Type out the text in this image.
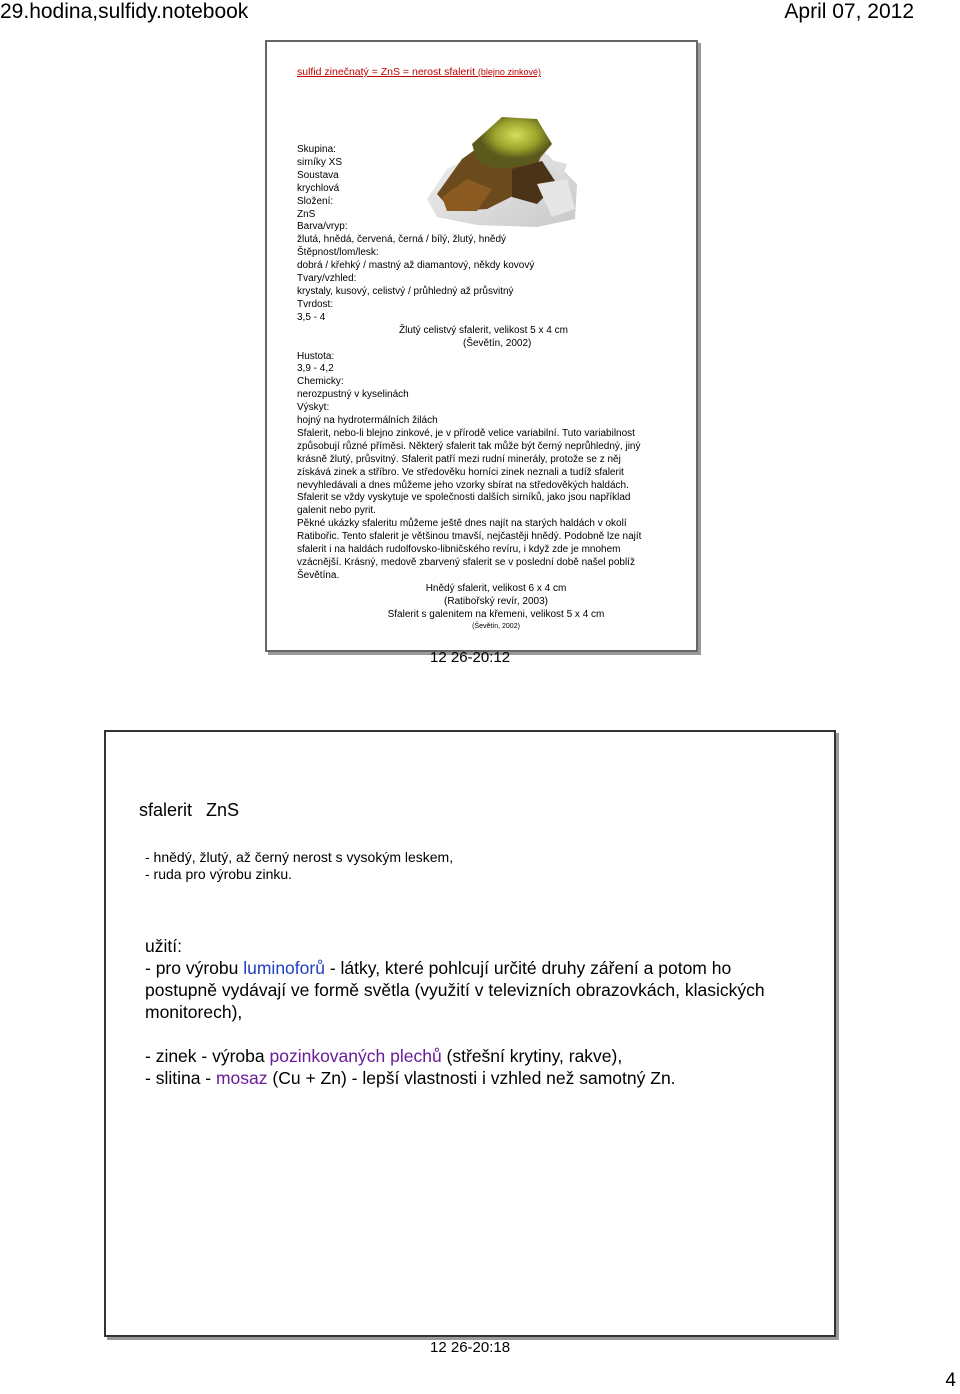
29.hodina,sulfidy.notebook	April 07, 2012
sulfid zinečnatý = ZnS = nerost sfalerit (blejno zinkové)
Skupina:
sirníky XS
Soustava
krychlová
Složení:
ZnS
Barva/vryp:
žlutá, hnědá, červená, černá / bílý, žlutý, hnědý
Štěpnost/lom/lesk:
dobrá / křehký / mastný až diamantový, někdy kovový
Tvary/vzhled:
krystaly, kusový, celistvý / průhledný až průsvitný
Tvrdost:
3,5 - 4
Žlutý celistvý sfalerit, velikost 5 x 4 cm
(Ševětín, 2002)
Hustota:
3,9 - 4,2
Chemicky:
nerozpustný v kyselinách
Výskyt:
hojný na hydrotermálních žilách
Sfalerit, nebo-li blejno zinkové, je v přírodě velice variabilní. Tuto variabilnost
způsobují různé příměsi. Některý sfalerit tak může být černý neprůhledný, jiný
krásně žlutý, průsvitný. Sfalerit patří mezi rudní minerály, protože se z něj
získává zinek a stříbro. Ve středověku horníci zinek neznali a tudíž sfalerit
nevyhledávali a dnes můžeme jeho vzorky sbírat na středověkých haldách.
Sfalerit se vždy vyskytuje ve společnosti dalších sirníků, jako jsou například
galenit nebo pyrit.
Pěkné ukázky sfaleritu můžeme ještě dnes najít na starých haldách v okolí
Ratibořic. Tento sfalerit je většinou tmavší, nejčastěji hnědý. Podobně lze najít
sfalerit i na haldách rudolfovsko-libničského revíru, i když zde je mnohem
vzácnější. Krásný, medově zbarvený sfalerit se v poslední době našel poblíž
Ševětína.
Hnědý sfalerit, velikost 6 x 4 cm
(Ratibořský revír, 2003)
Sfalerit s galenitem na křemeni, velikost 5 x 4 cm
(Ševětín, 2002)
12 26-20:12
sfalerit ZnS
- hnědý, žlutý, až černý nerost s vysokým leskem,
- ruda pro výrobu zinku.

užití:

- pro výrobu luminoforů - látky, které pohlcují určité druhy záření a potom ho

postupně vydávají ve formě světla (využití v televizních obrazovkách, klasických

monitorech),

- zinek - výroba pozinkovaných plechů (střešní krytiny, rakve),

- slitina - mosaz (Cu + Zn) - lepší vlastnosti i vzhled než samotný Zn.

12 26-20:18
4
